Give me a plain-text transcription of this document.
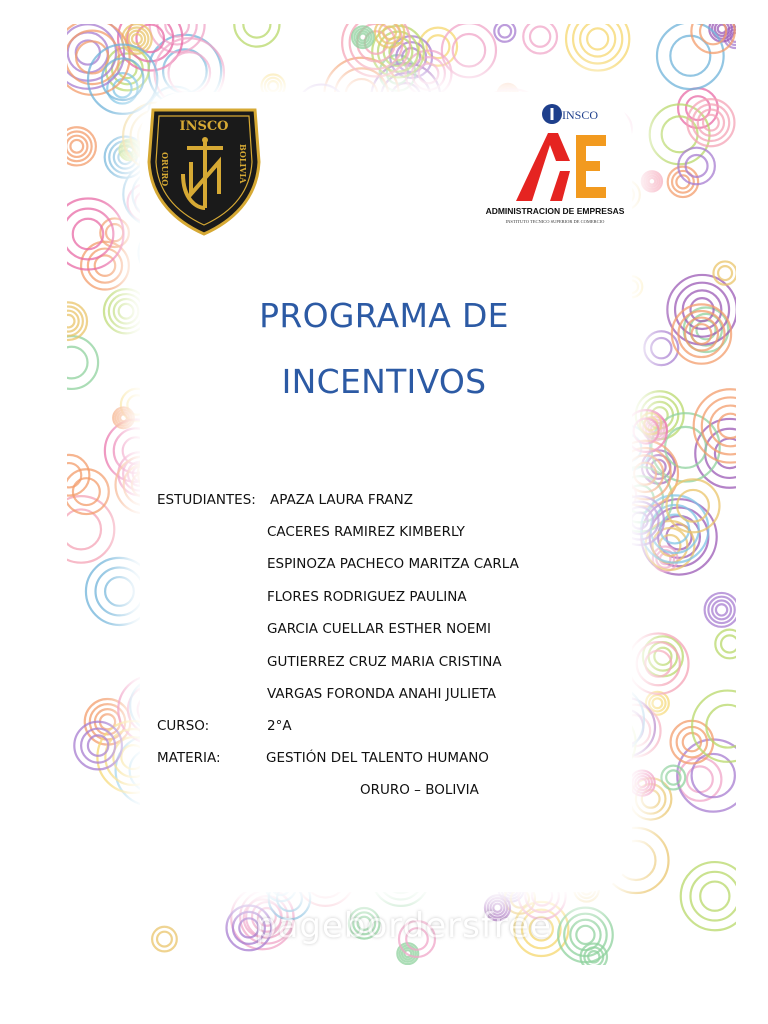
INSCO
ORURO	BOLIVIA
INSCO
ADMINISTRACION DE EMPRESAS
INSTITUTO TECNICO SUPERIOR DE COMERCIO
PROGRAMA DE
INCENTIVOS
ESTUDIANTES: APAZA LAURA FRANZ
CACERES RAMIREZ KIMBERLY
ESPINOZA PACHECO MARITZA CARLA
FLORES RODRIGUEZ PAULINA
GARCIA CUELLAR ESTHER NOEMI
GUTIERREZ CRUZ MARIA CRISTINA
VARGAS FORONDA ANAHI JULIETA
CURSO:	2°A
MATERIA:	GESTIÓN DEL TALENTO HUMANO
ORURO – BOLIVIA
pagebordersfree
